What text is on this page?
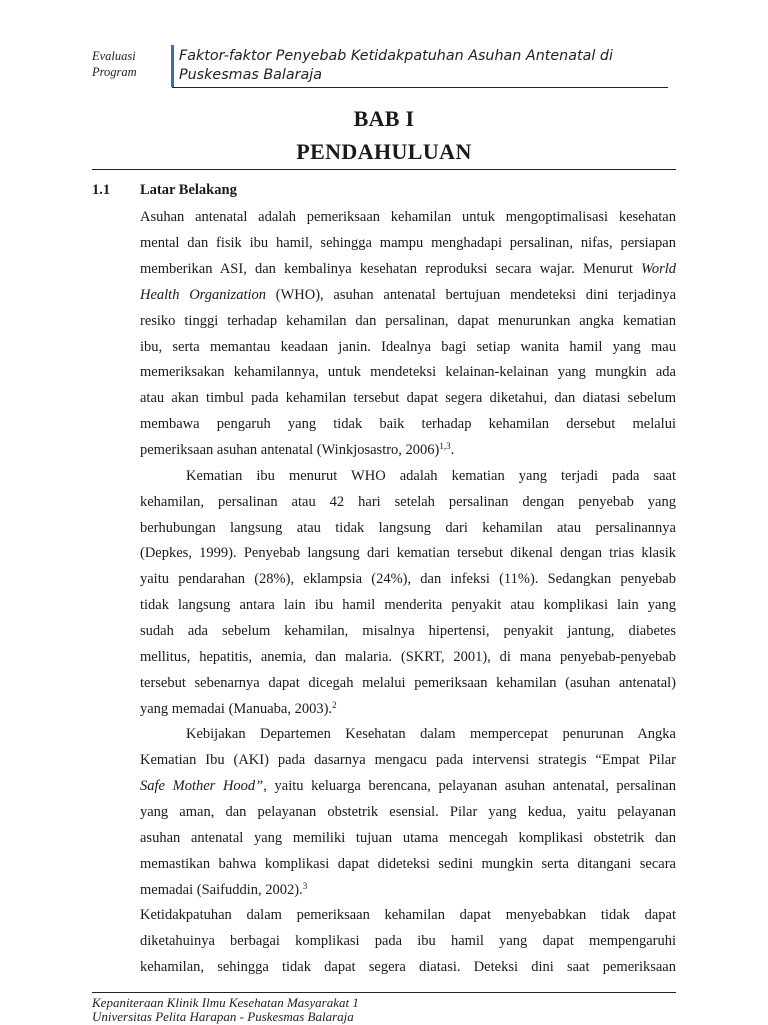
Evaluasi
Program
Faktor-faktor Penyebab Ketidakpatuhan Asuhan Antenatal di
Puskesmas Balaraja
BAB I
PENDAHULUAN
1.1 Latar Belakang
Asuhan antenatal adalah pemeriksaan kehamilan untuk mengoptimalisasi kesehatan
mental dan fisik ibu hamil, sehingga mampu menghadapi persalinan, nifas, persiapan
memberikan ASI, dan kembalinya kesehatan reproduksi secara wajar. Menurut World
Health Organization (WHO), asuhan antenatal bertujuan mendeteksi dini terjadinya
resiko tinggi terhadap kehamilan dan persalinan, dapat menurunkan angka kematian
ibu, serta memantau keadaan janin. Idealnya bagi setiap wanita hamil yang mau
memeriksakan kehamilannya, untuk mendeteksi kelainan-kelainan yang mungkin ada
atau akan timbul pada kehamilan tersebut dapat segera diketahui, dan diatasi sebelum
membawa pengaruh yang tidak baik terhadap kehamilan dersebut melalui
pemeriksaan asuhan antenatal (Winkjosastro, 2006)$^{1,3}$.
Kematian ibu menurut WHO adalah kematian yang terjadi pada saat
kehamilan, persalinan atau 42 hari setelah persalinan dengan penyebab yang
berhubungan langsung atau tidak langsung dari kehamilan atau persalinannya
(Depkes, 1999). Penyebab langsung dari kematian tersebut dikenal dengan trias klasik
yaitu pendarahan (28%), eklampsia (24%), dan infeksi (11%). Sedangkan penyebab
tidak langsung antara lain ibu hamil menderita penyakit atau komplikasi lain yang
sudah ada sebelum kehamilan, misalnya hipertensi, penyakit jantung, diabetes
mellitus, hepatitis, anemia, dan malaria. (SKRT, 2001), di mana penyebab-penyebab
tersebut sebenarnya dapat dicegah melalui pemeriksaan kehamilan (asuhan antenatal)
yang memadai (Manuaba, 2003).$^2$
Kebijakan Departemen Kesehatan dalam mempercepat penurunan Angka
Kematian Ibu (AKI) pada dasarnya mengacu pada intervensi strategis “Empat Pilar
Safe Mother Hood”, yaitu keluarga berencana, pelayanan asuhan antenatal, persalinan
yang aman, dan pelayanan obstetrik esensial. Pilar yang kedua, yaitu pelayanan
asuhan antenatal yang memiliki tujuan utama mencegah komplikasi obstetrik dan
memastikan bahwa komplikasi dapat dideteksi sedini mungkin serta ditangani secara
memadai (Saifuddin, 2002).$^3$
Ketidakpatuhan dalam pemeriksaan kehamilan dapat menyebabkan tidak dapat
diketahuinya berbagai komplikasi pada ibu hamil yang dapat mempengaruhi
kehamilan, sehingga tidak dapat segera diatasi. Deteksi dini saat pemeriksaan
Kepaniteraan Klinik Ilmu Kesehatan Masyarakat 1
Universitas Pelita Harapan - Puskesmas Balaraja
